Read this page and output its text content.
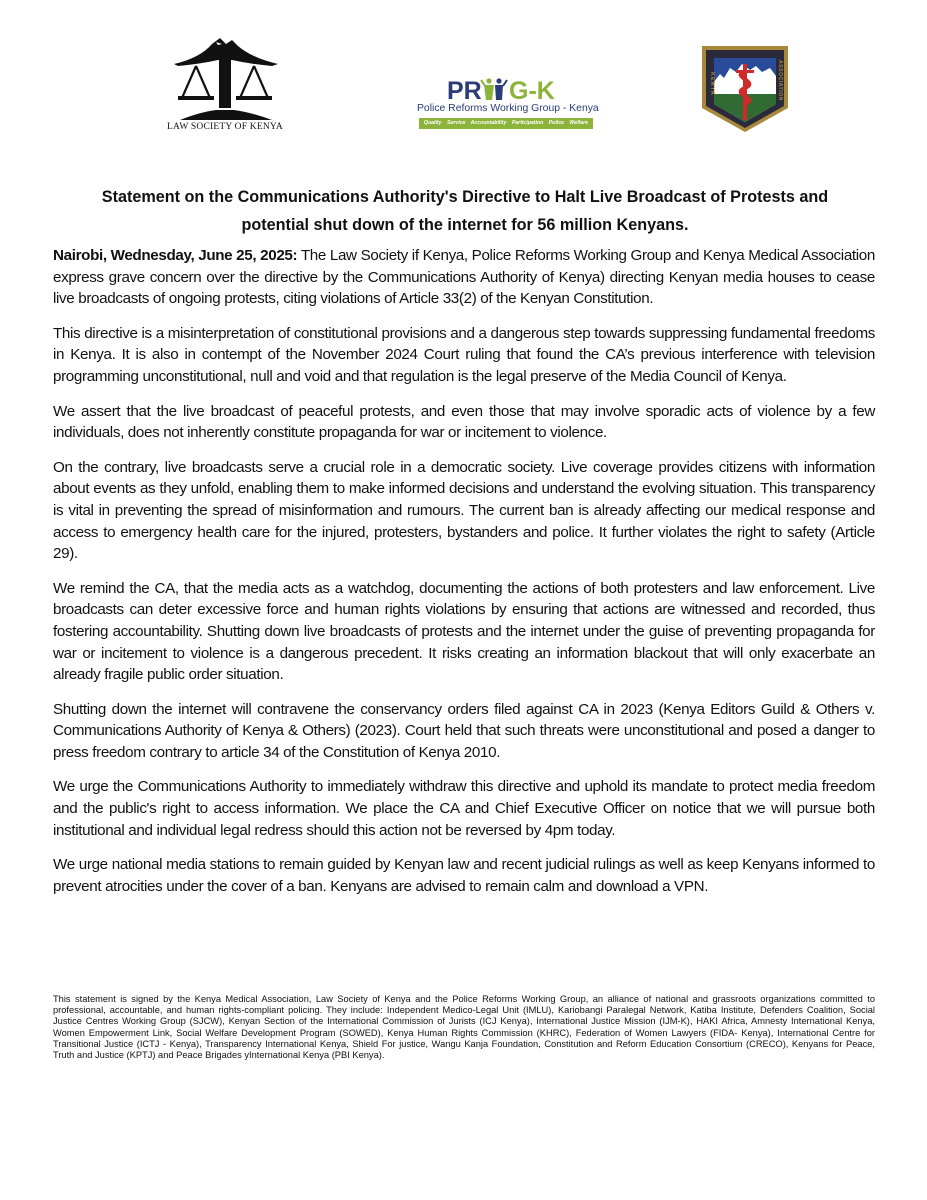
LAW SOCIETY OF KENYA
PR G-K
Police Reforms Working Group - Kenya
Quality Service Accountability Participation Police Welfare
MEDICAL
KENYA	ASSOCIATION
Statement on the Communications Authority's Directive to Halt Live Broadcast of Protests and
potential shut down of the internet for 56 million Kenyans.

Nairobi, Wednesday, June 25, 2025: The Law Society if Kenya, Police Reforms Working Group and Kenya Medical Association express grave concern over the directive by the Communications Authority of Kenya) directing Kenyan media houses to cease live broadcasts of ongoing protests, citing violations of Article 33(2) of the Kenyan Constitution.

This directive is a misinterpretation of constitutional provisions and a dangerous step towards suppressing fundamental freedoms in Kenya. It is also in contempt of the November 2024 Court ruling that found the CA’s previous interference with television programming unconstitutional, null and void and that regulation is the legal preserve of the Media Council of Kenya.

We assert that the live broadcast of peaceful protests, and even those that may involve sporadic acts of violence by a few individuals, does not inherently constitute propaganda for war or incitement to violence.

On the contrary, live broadcasts serve a crucial role in a democratic society. Live coverage provides citizens with information about events as they unfold, enabling them to make informed decisions and understand the evolving situation. This transparency is vital in preventing the spread of misinformation and rumours. The current ban is already affecting our medical response and access to emergency health care for the injured, protesters, bystanders and police. It further violates the right to safety (Article 29).

We remind the CA, that the media acts as a watchdog, documenting the actions of both protesters and law enforcement. Live broadcasts can deter excessive force and human rights violations by ensuring that actions are witnessed and recorded, thus fostering accountability. Shutting down live broadcasts of protests and the internet under the guise of preventing propaganda for war or incitement to violence is a dangerous precedent. It risks creating an information blackout that will only exacerbate an already fragile public order situation.

Shutting down the internet will contravene the conservancy orders filed against CA in 2023 (Kenya Editors Guild & Others v. Communications Authority of Kenya & Others) (2023). Court held that such threats were unconstitutional and posed a danger to press freedom contrary to article 34 of the Constitution of Kenya 2010.

We urge the Communications Authority to immediately withdraw this directive and uphold its mandate to protect media freedom and the public's right to access information. We place the CA and Chief Executive Officer on notice that we will pursue both institutional and individual legal redress should this action not be reversed by 4pm today.

We urge national media stations to remain guided by Kenyan law and recent judicial rulings as well as keep Kenyans informed to prevent atrocities under the cover of a ban. Kenyans are advised to remain calm and download a VPN.

This statement is signed by the Kenya Medical Association, Law Society of Kenya and the Police Reforms Working Group, an alliance of national and grassroots organizations committed to professional, accountable, and human rights-compliant policing. They include: Independent Medico-Legal Unit (IMLU), Kariobangi Paralegal Network, Katiba Institute, Defenders Coalition, Social Justice Centres Working Group (SJCW), Kenyan Section of the International Commission of Jurists (ICJ Kenya), International Justice Mission (IJM-K), HAKI Africa, Amnesty International Kenya, Women Empowerment Link, Social Welfare Development Program (SOWED), Kenya Human Rights Commission (KHRC), Federation of Women Lawyers (FIDA- Kenya), International Centre for Transitional Justice (ICTJ - Kenya), Transparency International Kenya, Shield For justice, Wangu Kanja Foundation, Constitution and Reform Education Consortium (CRECO), Kenyans for Peace, Truth and Justice (KPTJ) and Peace Brigades yInternational Kenya (PBI Kenya).
